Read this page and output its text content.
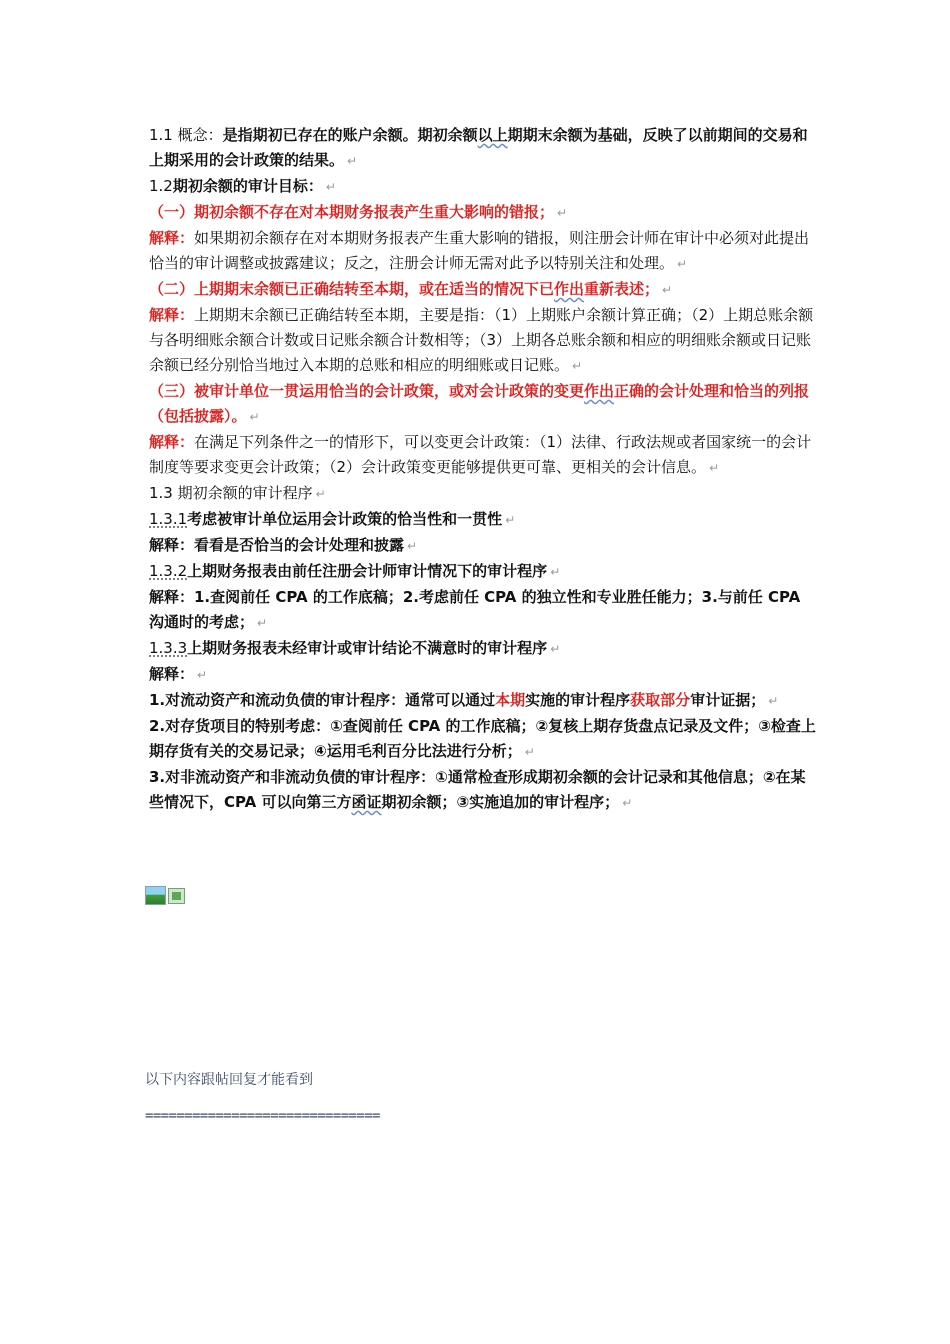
1.1 概念：是指期初已存在的账户余额。期初余额以上期期末余额为基础，反映了以前期间的交易和上期采用的会计政策的结果。 ↵

1.2期初余额的审计目标： ↵

（一）期初余额不存在对本期财务报表产生重大影响的错报； ↵

解释：如果期初余额存在对本期财务报表产生重大影响的错报，则注册会计师在审计中必须对此提出恰当的审计调整或披露建议；反之，注册会计师无需对此予以特别关注和处理。 ↵

（二）上期期末余额已正确结转至本期，或在适当的情况下已作出重新表述； ↵

解释：上期期末余额已正确结转至本期，主要是指：（1）上期账户余额计算正确；（2）上期总账余额与各明细账余额合计数或日记账余额合计数相等；（3）上期各总账余额和相应的明细账余额或日记账余额已经分别恰当地过入本期的总账和相应的明细账或日记账。 ↵

（三）被审计单位一贯运用恰当的会计政策，或对会计政策的变更作出正确的会计处理和恰当的列报（包括披露）。 ↵

解释：在满足下列条件之一的情形下，可以变更会计政策：（1）法律、行政法规或者国家统一的会计制度等要求变更会计政策；（2）会计政策变更能够提供更可靠、更相关的会计信息。 ↵

1.3 期初余额的审计程序 ↵

1.3.1考虑被审计单位运用会计政策的恰当性和一贯性 ↵

解释：看看是否恰当的会计处理和披露 ↵

1.3.2上期财务报表由前任注册会计师审计情况下的审计程序 ↵

解释：1.查阅前任 CPA 的工作底稿；2.考虑前任 CPA 的独立性和专业胜任能力；3.与前任 CPA 沟通时的考虑； ↵

1.3.3上期财务报表未经审计或审计结论不满意时的审计程序 ↵

解释： ↵

1.对流动资产和流动负债的审计程序：通常可以通过本期实施的审计程序获取部分审计证据； ↵

2.对存货项目的特别考虑：①查阅前任 CPA 的工作底稿；②复核上期存货盘点记录及文件；③检查上期存货有关的交易记录；④运用毛利百分比法进行分析； ↵

3.对非流动资产和非流动负债的审计程序：①通常检查形成期初余额的会计记录和其他信息；②在某些情况下，CPA 可以向第三方函证期初余额；③实施追加的审计程序； ↵

以下内容跟帖回复才能看到
==============================
